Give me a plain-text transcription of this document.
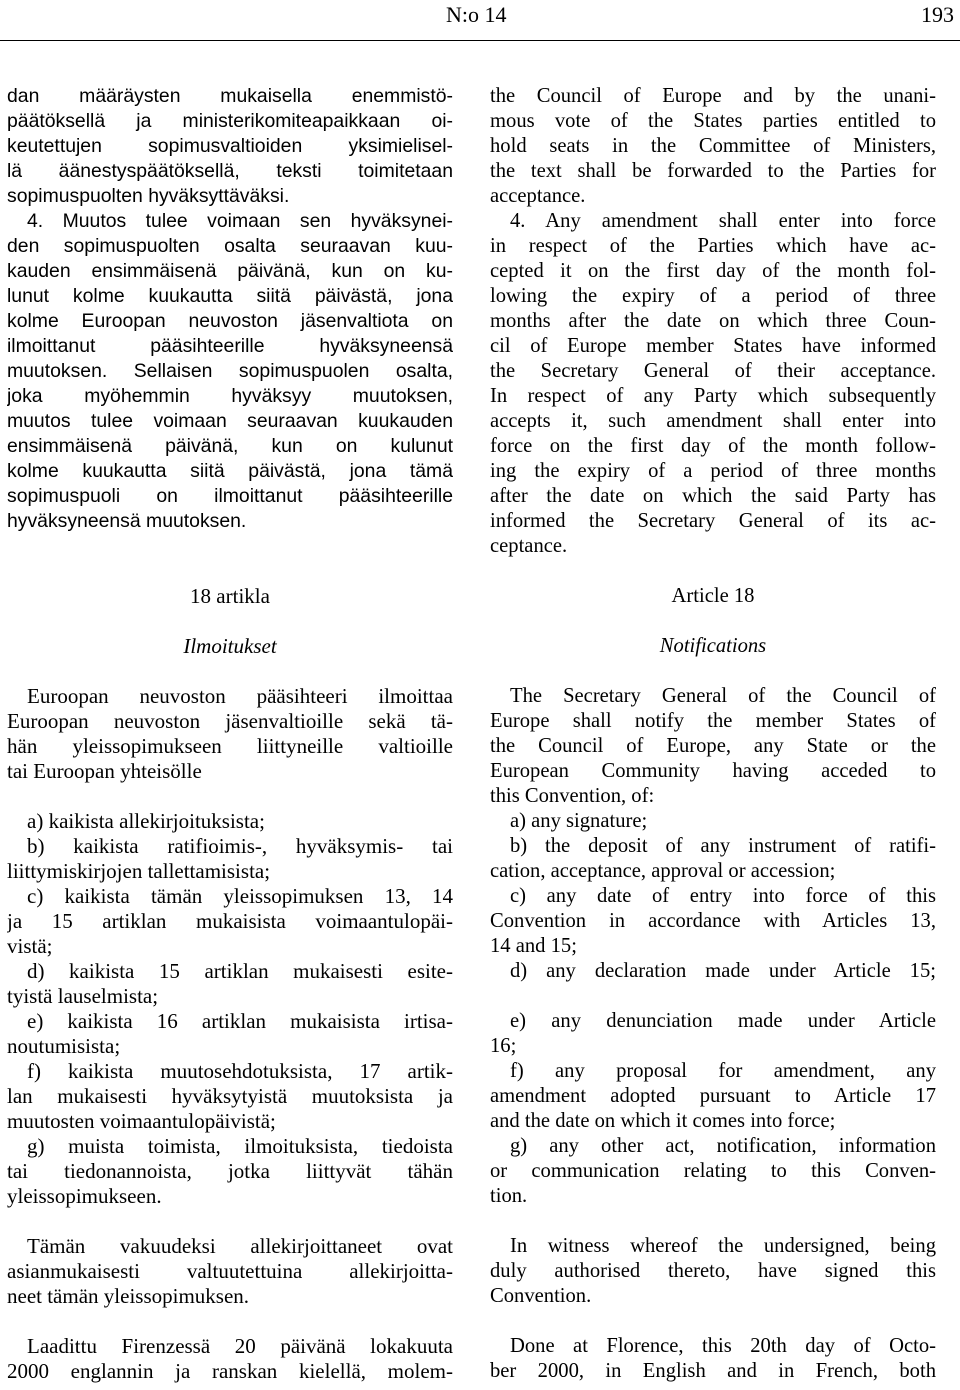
N:o 14	193
dan määräysten mukaisella enemmistö-
päätöksellä ja ministerikomiteapaikkaan oi-
keutettujen sopimusvaltioiden yksimielisel-
lä äänestyspäätöksellä, teksti toimitetaan
sopimuspuolten hyväksyttäväksi.
4. Muutos tulee voimaan sen hyväksynei-
den sopimuspuolten osalta seuraavan kuu-
kauden ensimmäisenä päivänä, kun on ku-
lunut kolme kuukautta siitä päivästä, jona
kolme Euroopan neuvoston jäsenvaltiota on
ilmoittanut pääsihteerille hyväksyneensä
muutoksen. Sellaisen sopimuspuolen osalta,
joka myöhemmin hyväksyy muutoksen,
muutos tulee voimaan seuraavan kuukauden
ensimmäisenä päivänä, kun on kulunut
kolme kuukautta siitä päivästä, jona tämä
sopimuspuoli on ilmoittanut pääsihteerille
hyväksyneensä muutoksen.
18 artikla
Ilmoitukset
Euroopan neuvoston pääsihteeri ilmoittaa
Euroopan neuvoston jäsenvaltioille sekä tä-
hän yleissopimukseen liittyneille valtioille
tai Euroopan yhteisölle
a) kaikista allekirjoituksista;
b) kaikista ratifioimis-, hyväksymis- tai
liittymiskirjojen tallettamisista;
c) kaikista tämän yleissopimuksen 13, 14
ja 15 artiklan mukaisista voimaantulopäi-
vistä;
d) kaikista 15 artiklan mukaisesti esite-
tyistä lauselmista;
e) kaikista 16 artiklan mukaisista irtisa-
noutumisista;
f) kaikista muutosehdotuksista, 17 artik-
lan mukaisesti hyväksytyistä muutoksista ja
muutosten voimaantulopäivistä;
g) muista toimista, ilmoituksista, tiedoista
tai tiedonannoista, jotka liittyvät tähän
yleissopimukseen.
Tämän vakuudeksi allekirjoittaneet ovat
asianmukaisesti valtuutettuina allekirjoitta-
neet tämän yleissopimuksen.
Laadittu Firenzessä 20 päivänä lokakuuta
2000 englannin ja ranskan kielellä, molem-
the Council of Europe and by the unani-
mous vote of the States parties entitled to
hold seats in the Committee of Ministers,
the text shall be forwarded to the Parties for
acceptance.
4. Any amendment shall enter into force
in respect of the Parties which have ac-
cepted it on the first day of the month fol-
lowing the expiry of a period of three
months after the date on which three Coun-
cil of Europe member States have informed
the Secretary General of their acceptance.
In respect of any Party which subsequently
accepts it, such amendment shall enter into
force on the first day of the month follow-
ing the expiry of a period of three months
after the date on which the said Party has
informed the Secretary General of its ac-
ceptance.
Article 18
Notifications
The Secretary General of the Council of
Europe shall notify the member States of
the Council of Europe, any State or the
European Community having acceded to
this Convention, of:
a) any signature;
b) the deposit of any instrument of ratifi-
cation, acceptance, approval or accession;
c) any date of entry into force of this
Convention in accordance with Articles 13,
14 and 15;
d) any declaration made under Article 15;
e) any denunciation made under Article
16;
f) any proposal for amendment, any
amendment adopted pursuant to Article 17
and the date on which it comes into force;
g) any other act, notification, information
or communication relating to this Conven-
tion.
In witness whereof the undersigned, being
duly authorised thereto, have signed this
Convention.
Done at Florence, this 20th day of Octo-
ber 2000, in English and in French, both
